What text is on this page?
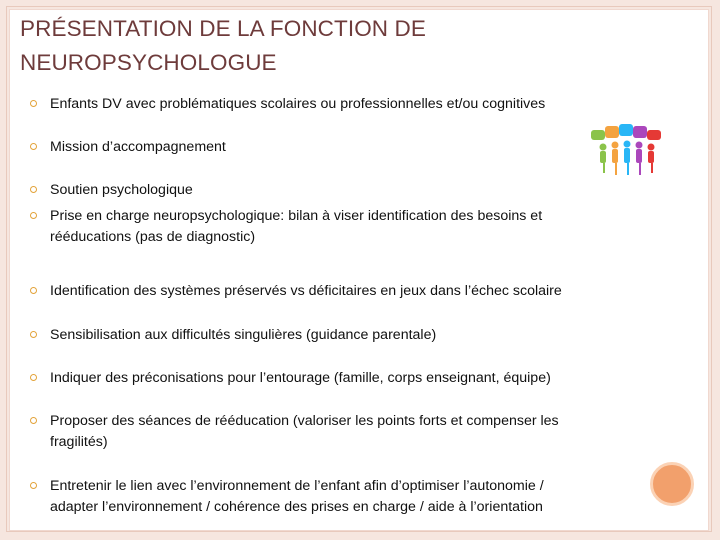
PRÉSENTATION DE LA FONCTION DE
NEUROPSYCHOLOGUE
Enfants DV avec problématiques scolaires ou professionnelles et/ou cognitives
Mission d’accompagnement
Soutien psychologique
Prise en charge neuropsychologique: bilan à viser identification des besoins et
rééducations (pas de diagnostic)
Identification des systèmes préservés vs déficitaires en jeux dans l’échec scolaire
Sensibilisation aux difficultés singulières (guidance parentale)
Indiquer des préconisations pour l’entourage (famille, corps enseignant, équipe)
Proposer des séances de rééducation (valoriser les points forts et compenser les
fragilités)
Entretenir le lien avec l’environnement de l’enfant afin d’optimiser l’autonomie /
adapter l’environnement / cohérence des prises en charge / aide à l’orientation
